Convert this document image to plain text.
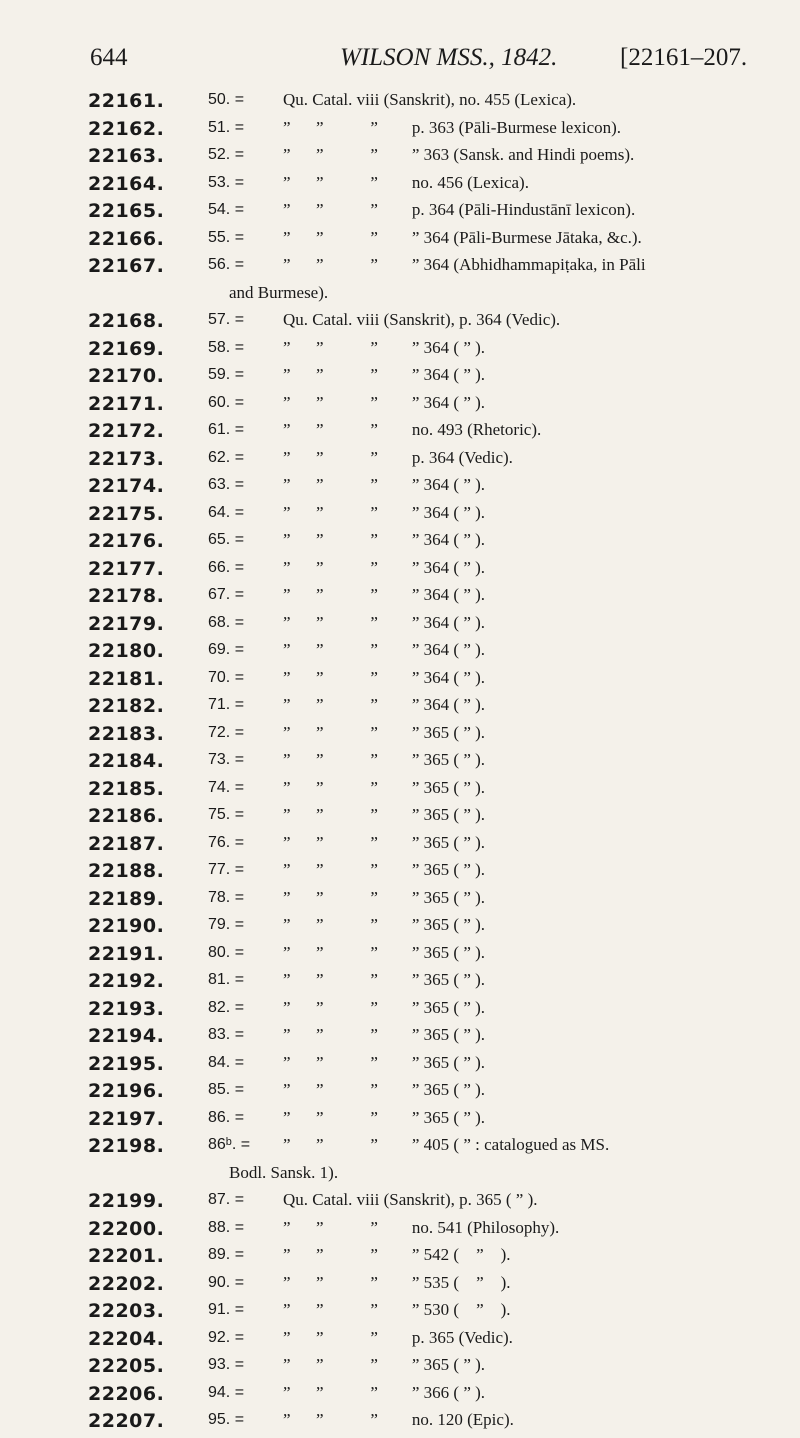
644	WILSON MSS., 1842.	[22161–207.
22161.	50. = Qu. Catal. viii (Sanskrit), no. 455 (Lexica).
22162.	51. = ”      ”           ”        p. 363 (Pāli-Burmese lexicon).
22163.	52. = ”      ”           ”        ” 363 (Sansk. and Hindi poems).
22164.	53. = ”      ”           ”        no. 456 (Lexica).
22165.	54. = ”      ”           ”        p. 364 (Pāli-Hindustānī lexicon).
22166.	55. = ”      ”           ”        ” 364 (Pāli-Burmese Jātaka, &c.).
22167.	56. = ”      ”           ”        ” 364 (Abhidhammapiṭaka, in Pāli
and Burmese).
22168.	57. = Qu. Catal. viii (Sanskrit), p. 364 (Vedic).
22169.	58. = ”      ”           ”        ” 364 ( ” ).
22170.	59. = ”      ”           ”        ” 364 ( ” ).
22171.	60. = ”      ”           ”        ” 364 ( ” ).
22172.	61. = ”      ”           ”        no. 493 (Rhetoric).
22173.	62. = ”      ”           ”        p. 364 (Vedic).
22174.	63. = ”      ”           ”        ” 364 ( ” ).
22175.	64. = ”      ”           ”        ” 364 ( ” ).
22176.	65. = ”      ”           ”        ” 364 ( ” ).
22177.	66. = ”      ”           ”        ” 364 ( ” ).
22178.	67. = ”      ”           ”        ” 364 ( ” ).
22179.	68. = ”      ”           ”        ” 364 ( ” ).
22180.	69. = ”      ”           ”        ” 364 ( ” ).
22181.	70. = ”      ”           ”        ” 364 ( ” ).
22182.	71. = ”      ”           ”        ” 364 ( ” ).
22183.	72. = ”      ”           ”        ” 365 ( ” ).
22184.	73. = ”      ”           ”        ” 365 ( ” ).
22185.	74. = ”      ”           ”        ” 365 ( ” ).
22186.	75. = ”      ”           ”        ” 365 ( ” ).
22187.	76. = ”      ”           ”        ” 365 ( ” ).
22188.	77. = ”      ”           ”        ” 365 ( ” ).
22189.	78. = ”      ”           ”        ” 365 ( ” ).
22190.	79. = ”      ”           ”        ” 365 ( ” ).
22191.	80. = ”      ”           ”        ” 365 ( ” ).
22192.	81. = ”      ”           ”        ” 365 ( ” ).
22193.	82. = ”      ”           ”        ” 365 ( ” ).
22194.	83. = ”      ”           ”        ” 365 ( ” ).
22195.	84. = ”      ”           ”        ” 365 ( ” ).
22196.	85. = ”      ”           ”        ” 365 ( ” ).
22197.	86. = ”      ”           ”        ” 365 ( ” ).
22198.	86ᵇ. = ”      ”           ”        ” 405 ( ” : catalogued as MS.
Bodl. Sansk. 1).
22199.	87. = Qu. Catal. viii (Sanskrit), p. 365 ( ” ).
22200.	88. = ”      ”           ”        no. 541 (Philosophy).
22201.	89. = ”      ”           ”        ” 542 (    ”    ).
22202.	90. = ”      ”           ”        ” 535 (    ”    ).
22203.	91. = ”      ”           ”        ” 530 (    ”    ).
22204.	92. = ”      ”           ”        p. 365 (Vedic).
22205.	93. = ”      ”           ”        ” 365 ( ” ).
22206.	94. = ”      ”           ”        ” 366 ( ” ).
22207.	95. = ”      ”           ”        no. 120 (Epic).
